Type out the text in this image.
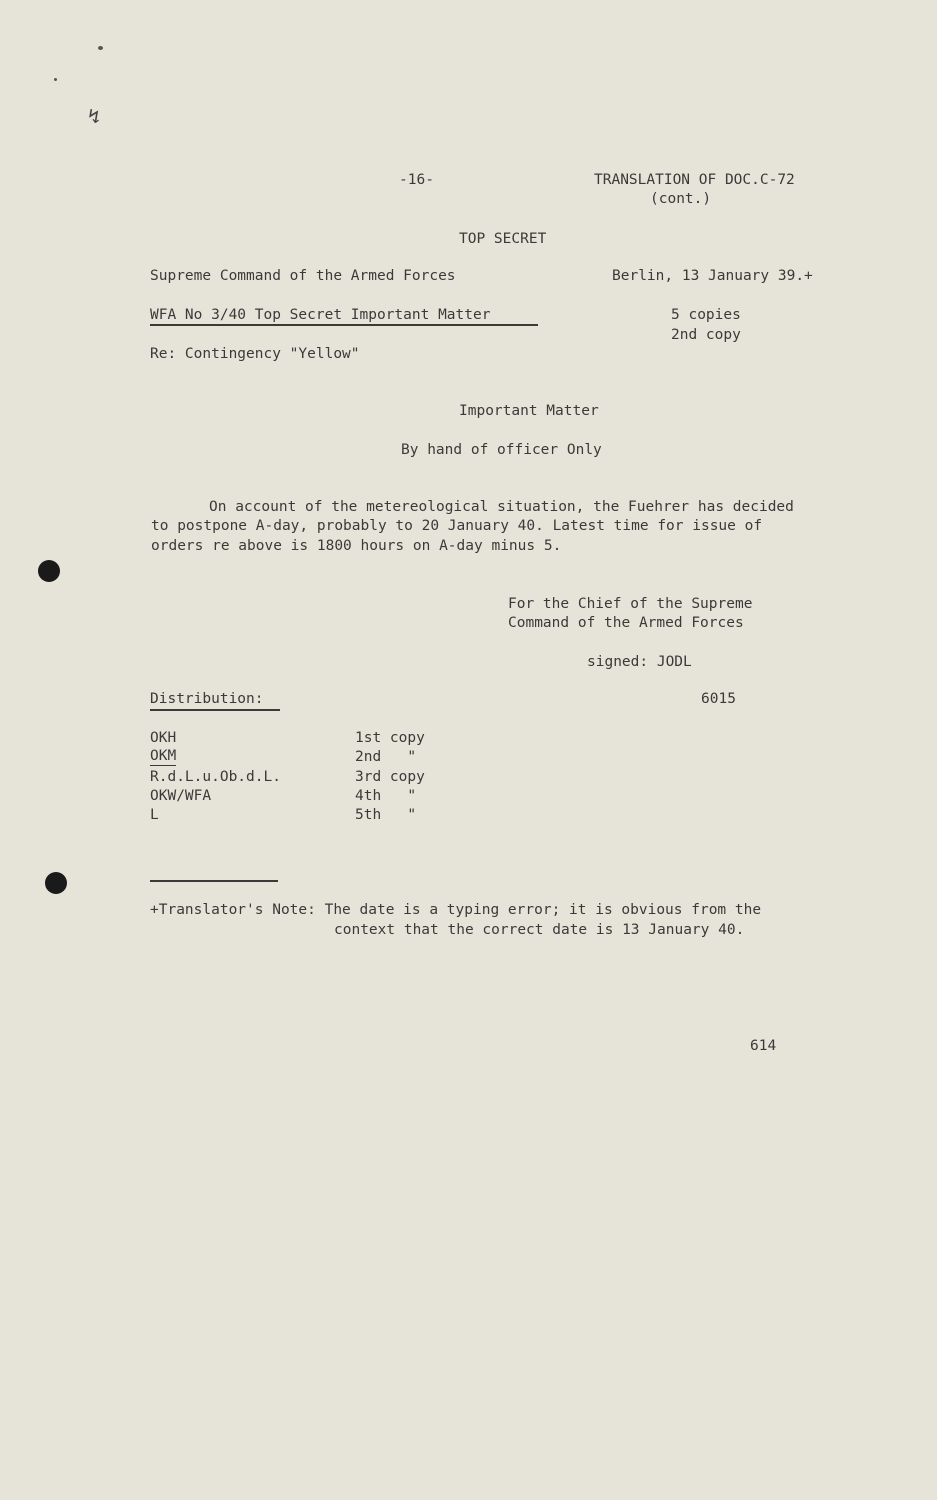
↯
-16-	TRANSLATION OF DOC.C-72
(cont.)
TOP SECRET
Supreme Command of the Armed Forces	Berlin, 13 January 39.+
WFA No 3/40 Top Secret Important Matter	5 copies
2nd copy
Re: Contingency "Yellow"
Important Matter
By hand of officer Only
On account of the metereological situation, the Fuehrer has decided
to postpone A-day, probably to 20 January 40. Latest time for issue of
orders re above is 1800 hours on A-day minus 5.
For the Chief of the Supreme
Command of the Armed Forces
signed: JODL
Distribution:	6015
OKH	1st copy
OKM	2nd   "
R.d.L.u.Ob.d.L.	3rd copy
OKW/WFA	4th   "
L	5th   "
+Translator's Note: The date is a typing error; it is obvious from the
context that the correct date is 13 January 40.
614
